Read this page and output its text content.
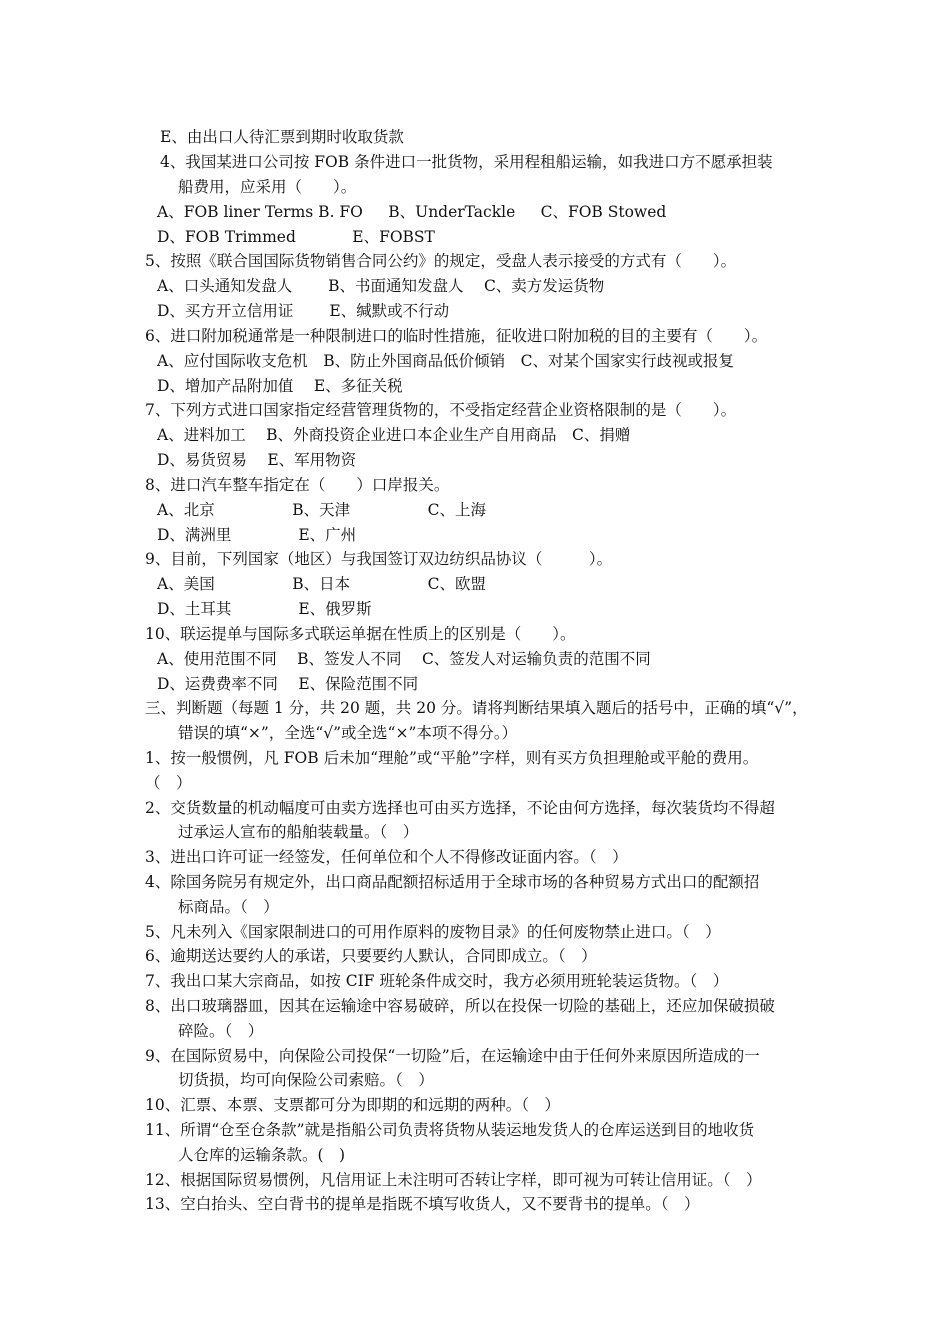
E、由出口人待汇票到期时收取货款
4、我国某进口公司按 FOB 条件进口一批货物，采用程租船运输，如我进口方不愿承担装
船费用，应采用（　　）。
A、FOB liner Terms B. FO 　 B、UnderTackle 　 C、FOB Stowed
D、FOB Trimmed 　　　 E、FOBST
5、按照《联合国国际货物销售合同公约》的规定，受盘人表示接受的方式有（　　）。
A、口头通知发盘人　　 B、书面通知发盘人　 C、卖方发运货物
D、买方开立信用证　　 E、缄默或不行动
6、进口附加税通常是一种限制进口的临时性措施，征收进口附加税的目的主要有（　　）。
A、应付国际收支危机　B、防止外国商品低价倾销　C、对某个国家实行歧视或报复
D、增加产品附加值　 E、多征关税
7、下列方式进口国家指定经营管理货物的，不受指定经营企业资格限制的是（　　）。
A、进料加工　 B、外商投资企业进口本企业生产自用商品　C、捐赠
D、易货贸易　 E、军用物资
8、进口汽车整车指定在（　　）口岸报关。
A、北京　　　　　B、天津　　　　　C、上海
D、满洲里　　　　 E、广州
9、目前，下列国家（地区）与我国签订双边纺织品协议（　　　）。
A、美国　　　　　B、日本　　　　　C、欧盟
D、土耳其　　　　 E、俄罗斯
10、联运提单与国际多式联运单据在性质上的区别是（　　）。
A、使用范围不同　 B、签发人不同　 C、签发人对运输负责的范围不同
D、运费费率不同　 E、保险范围不同
三、判断题（每题 1 分，共 20 题，共 20 分。请将判断结果填入题后的括号中，正确的填“√”，
错误的填“×”，全选“√”或全选“×”本项不得分。）
1、按一般惯例，凡 FOB 后未加“理舱”或“平舱”字样，则有买方负担理舱或平舱的费用。
（　）
2、交货数量的机动幅度可由卖方选择也可由买方选择，不论由何方选择，每次装货均不得超
过承运人宣布的船舶装载量。（　）
3、进出口许可证一经签发，任何单位和个人不得修改证面内容。（　）
4、除国务院另有规定外，出口商品配额招标适用于全球市场的各种贸易方式出口的配额招
标商品。（　）
5、凡未列入《国家限制进口的可用作原料的废物目录》的任何废物禁止进口。（　）
6、逾期送达要约人的承诺，只要要约人默认，合同即成立。（　）
7、我出口某大宗商品，如按 CIF 班轮条件成交时，我方必须用班轮装运货物。（　）
8、出口玻璃器皿，因其在运输途中容易破碎，所以在投保一切险的基础上，还应加保破损破
碎险。（　）
9、在国际贸易中，向保险公司投保“一切险”后，在运输途中由于任何外来原因所造成的一
切货损，均可向保险公司索赔。（　）
10、汇票、本票、支票都可分为即期的和远期的两种。（　）
11、所谓“仓至仓条款”就是指船公司负责将货物从装运地发货人的仓库运送到目的地收货
人仓库的运输条款。(　)
12、根据国际贸易惯例，凡信用证上未注明可否转让字样，即可视为可转让信用证。（　）
13、空白抬头、空白背书的提单是指既不填写收货人，又不要背书的提单。（　）
